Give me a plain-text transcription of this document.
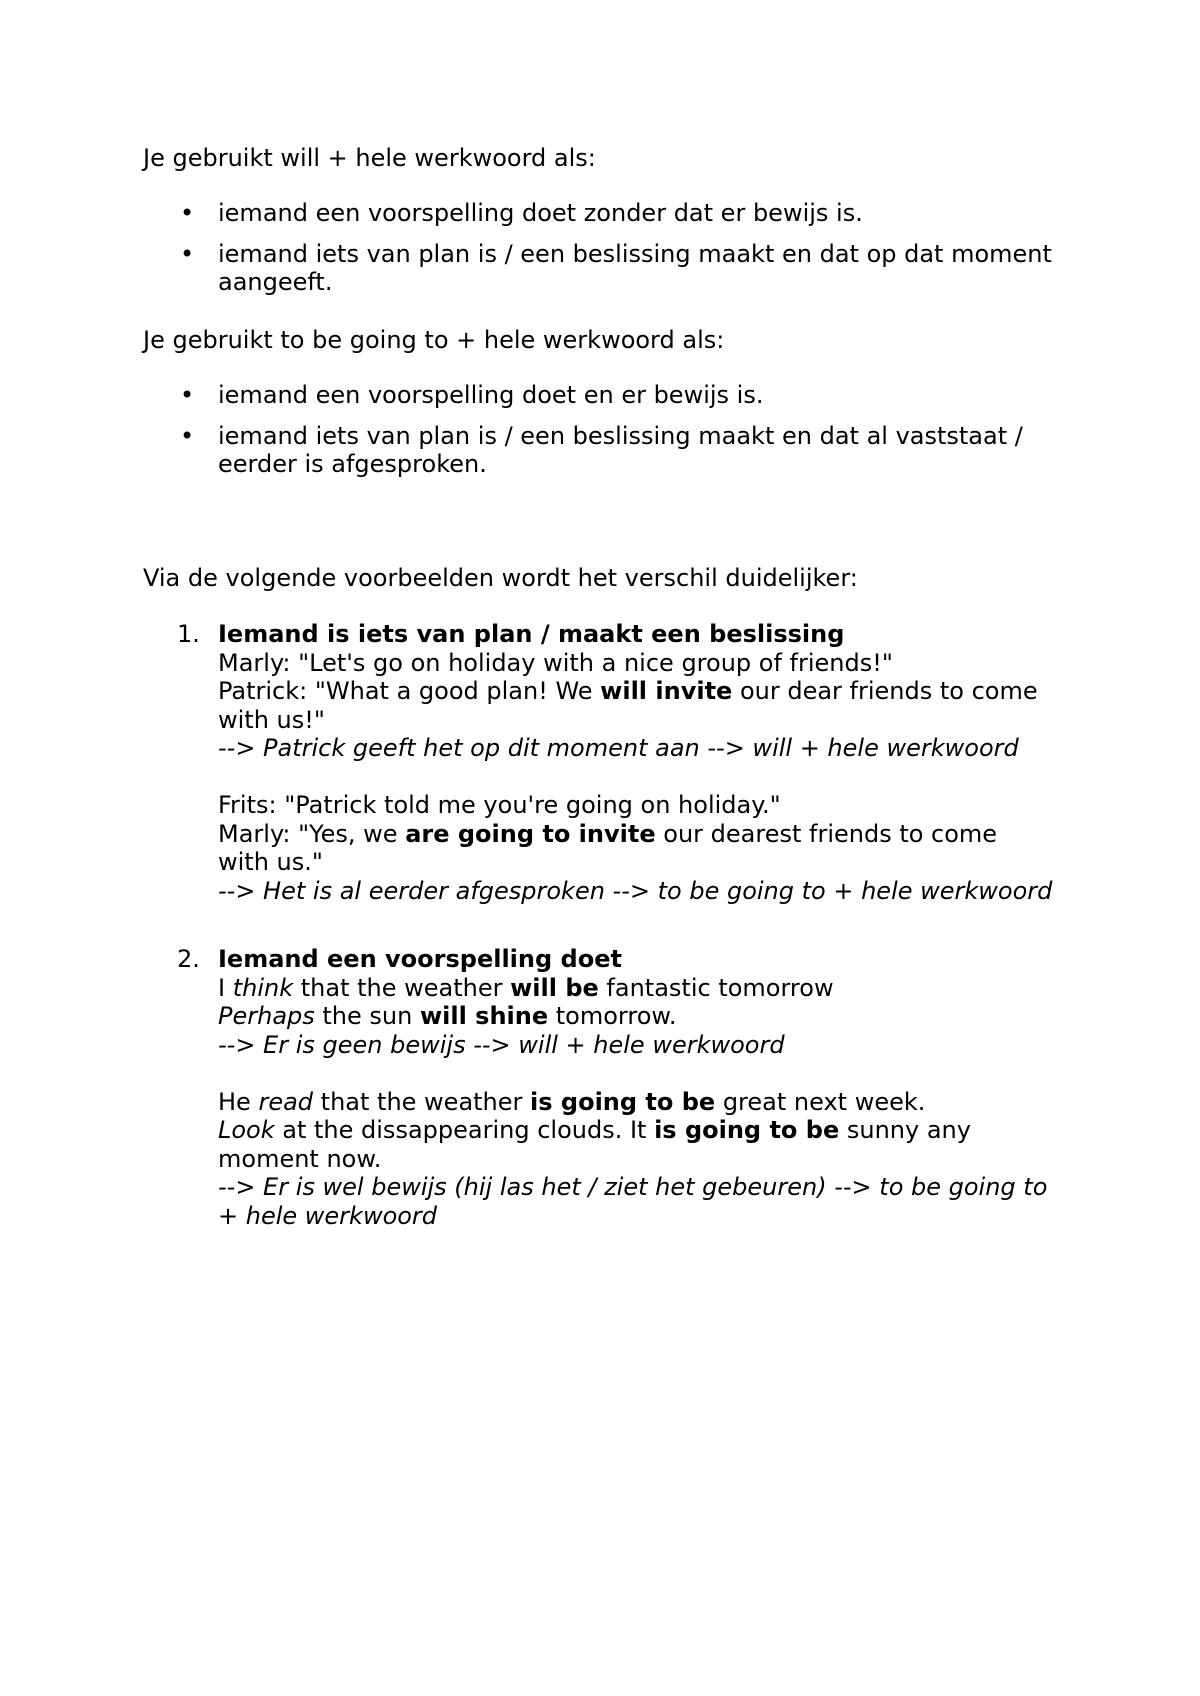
Je gebruikt will + hele werkwoord als:

• iemand een voorspelling doet zonder dat er bewijs is.
• iemand iets van plan is / een beslissing maakt en dat op dat moment
aangeeft.

Je gebruikt to be going to + hele werkwoord als:

• iemand een voorspelling doet en er bewijs is.
• iemand iets van plan is / een beslissing maakt en dat al vaststaat /
eerder is afgesproken.

Via de volgende voorbeelden wordt het verschil duidelijker:

1. Iemand is iets van plan / maakt een beslissing
Marly: "Let's go on holiday with a nice group of friends!"
Patrick: "What a good plan! We will invite our dear friends to come
with us!"
--> Patrick geeft het op dit moment aan --> will + hele werkwoord
Frits: "Patrick told me you're going on holiday."
Marly: "Yes, we are going to invite our dearest friends to come
with us."
--> Het is al eerder afgesproken --> to be going to + hele werkwoord
2. Iemand een voorspelling doet
I think that the weather will be fantastic tomorrow
Perhaps the sun will shine tomorrow.
--> Er is geen bewijs --> will + hele werkwoord
He read that the weather is going to be great next week.
Look at the dissappearing clouds. It is going to be sunny any
moment now.
--> Er is wel bewijs (hij las het / ziet het gebeuren) --> to be going to
+ hele werkwoord
